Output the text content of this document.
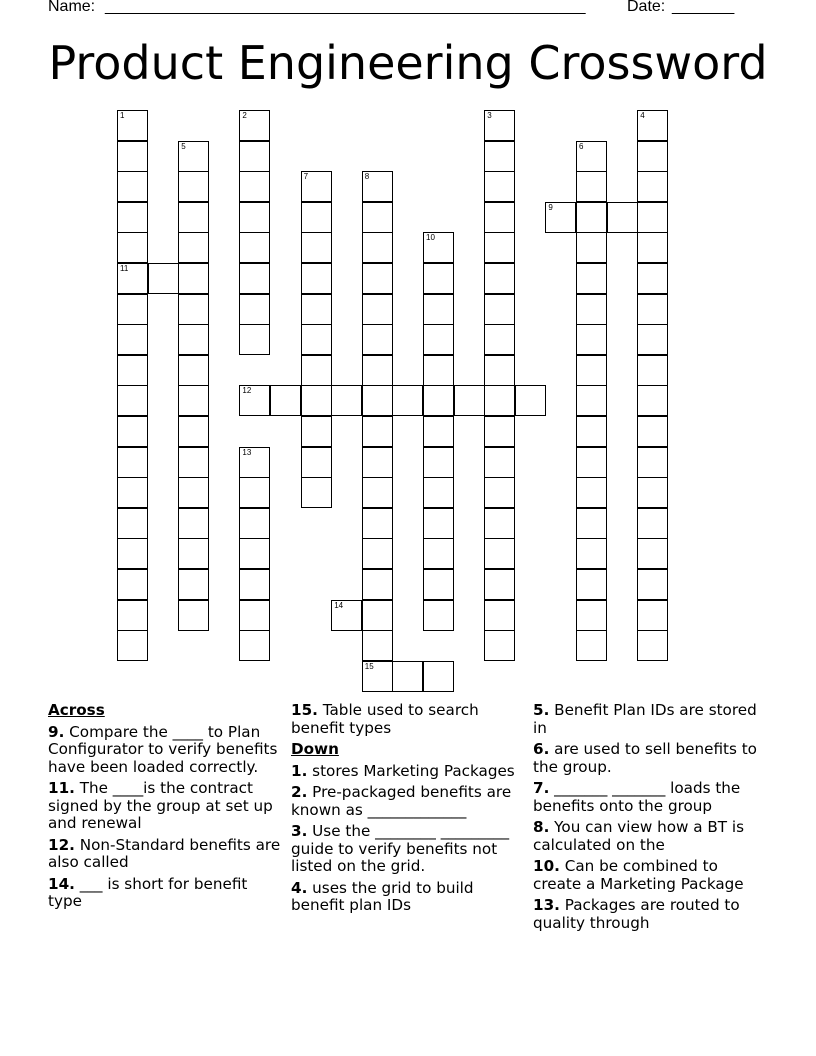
Name: ______________________________________________________	Date: _______
Product Engineering Crossword
1
11
2	3	4
5	6
7	8
15
9
10
12
13
14
Across
9. Compare the ____ to Plan Configurator to verify benefits have been loaded correctly.
11. The ____is the contract signed by the group at set up and renewal
12. Non-Standard benefits are also called
14. ___ is short for benefit type
15. Table used to search benefit types
Down
1. stores Marketing Packages
2. Pre-packaged benefits are known as _____________
3. Use the ________ _________ guide to verify benefits not listed on the grid.
4. uses the grid to build benefit plan IDs
5. Benefit Plan IDs are stored in
6. are used to sell benefits to the group.
7. _______ _______ loads the benefits onto the group
8. You can view how a BT is calculated on the
10. Can be combined to create a Marketing Package
13. Packages are routed to quality through
